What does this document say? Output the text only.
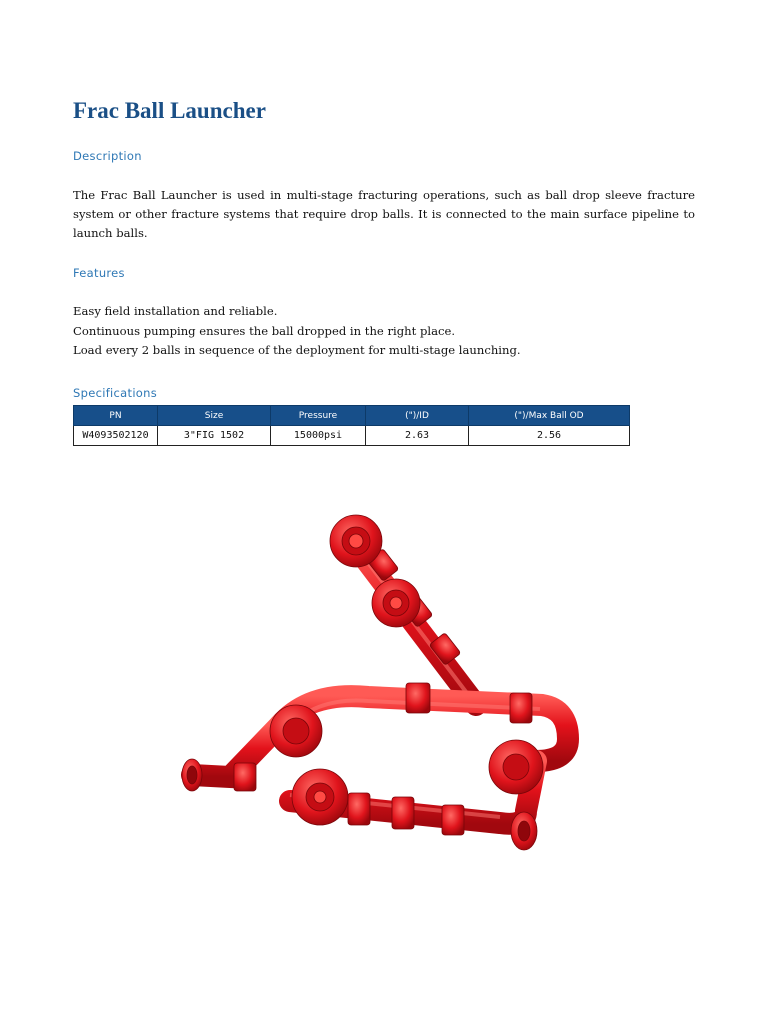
Frac Ball Launcher
Description

The Frac Ball Launcher is used in multi-stage fracturing operations, such as ball drop sleeve fracture system or other fracture systems that require drop balls. It is connected to the main surface pipeline to launch balls.

Features
Easy field installation and reliable.
Continuous pumping ensures the ball dropped in the right place.
Load every 2 balls in sequence of the deployment for multi-stage launching.
Specifications
PN	Size	Pressure	(")/ID	(")/Max Ball OD
W4093502120	3"FIG 1502	15000psi	2.63	2.56
